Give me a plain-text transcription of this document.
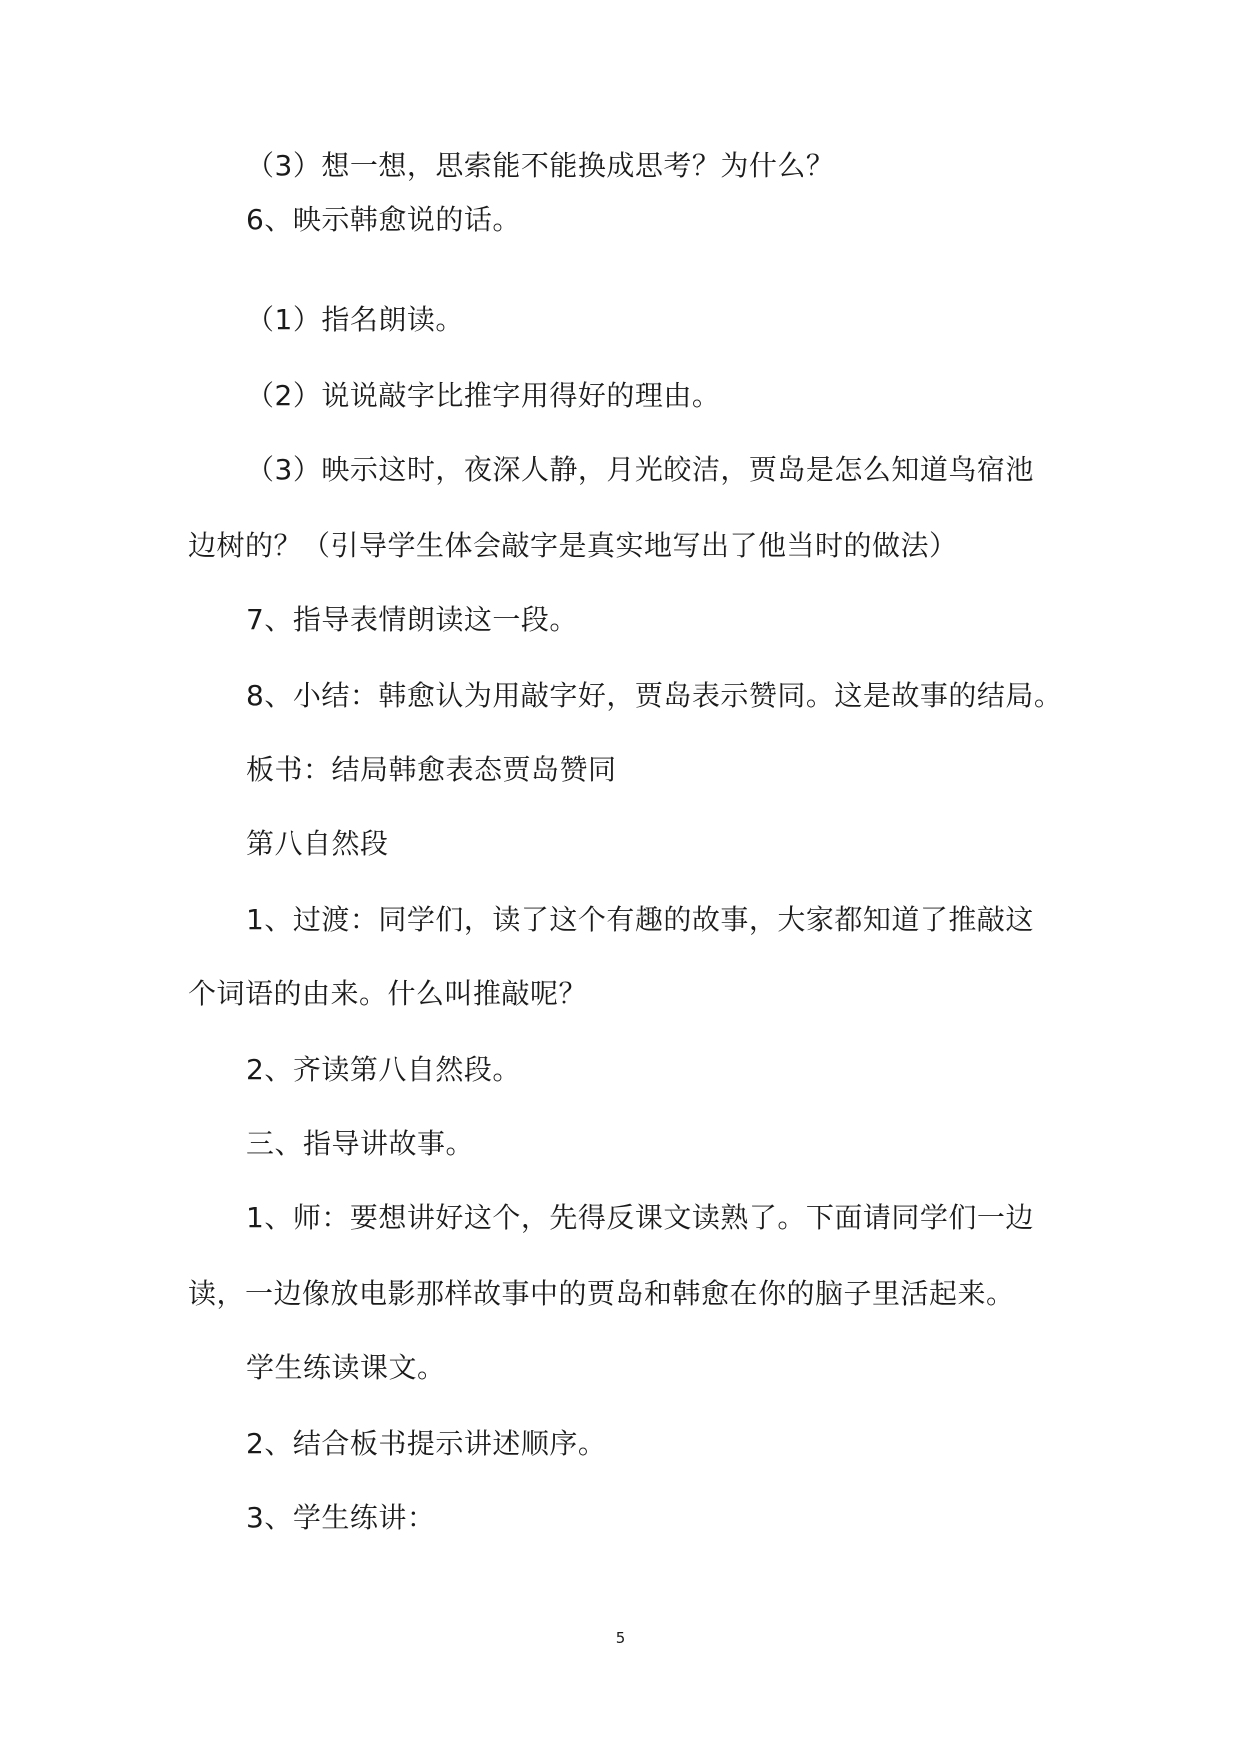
（3）想一想，思索能不能换成思考？为什么？
6、映示韩愈说的话。
（1）指名朗读。
（2）说说敲字比推字用得好的理由。
（3）映示这时，夜深人静，月光皎洁，贾岛是怎么知道鸟宿池
边树的？（引导学生体会敲字是真实地写出了他当时的做法）
7、指导表情朗读这一段。
8、小结：韩愈认为用敲字好，贾岛表示赞同。这是故事的结局。
板书：结局韩愈表态贾岛赞同
第八自然段
1、过渡：同学们，读了这个有趣的故事，大家都知道了推敲这
个词语的由来。什么叫推敲呢？
2、齐读第八自然段。
三、指导讲故事。
1、师：要想讲好这个，先得反课文读熟了。下面请同学们一边
读，一边像放电影那样故事中的贾岛和韩愈在你的脑子里活起来。
学生练读课文。
2、结合板书提示讲述顺序。
3、学生练讲：
5
